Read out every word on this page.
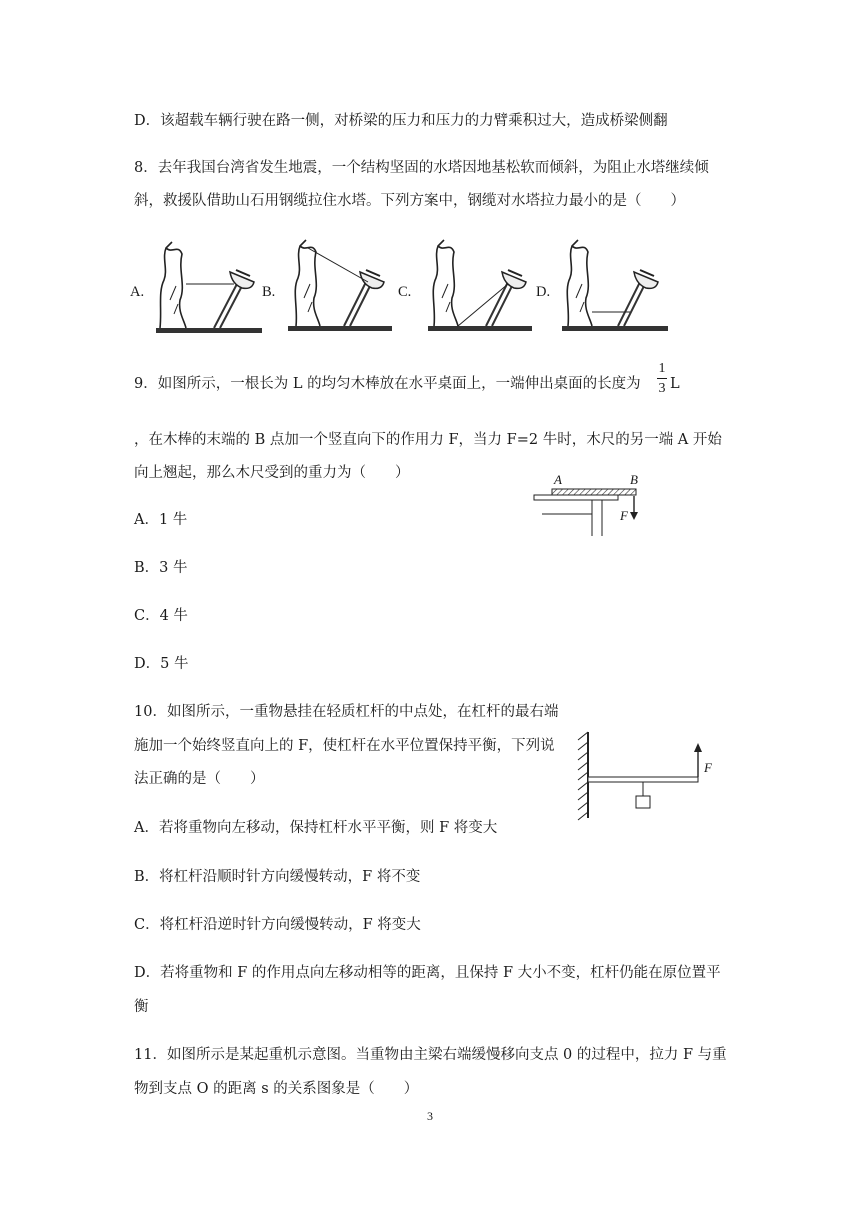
D．该超载车辆行驶在路一侧，对桥梁的压力和压力的力臂乘积过大，造成桥梁侧翻
8．去年我国台湾省发生地震，一个结构坚固的水塔因地基松软而倾斜，为阻止水塔继续倾
斜，救援队借助山石用钢缆拉住水塔。下列方案中，钢缆对水塔拉力最小的是（　　）
A.	B.	C.	D.
9．如图所示，一根长为 L 的均匀木棒放在水平桌面上，一端伸出桌面的长度为
1
3 L
，在木棒的末端的 B 点加一个竖直向下的作用力 F，当力 F=2 牛时，木尺的另一端 A 开始
向上翘起，那么木尺受到的重力为（　　）	A	B
F
A．1 牛
B．3 牛
C．4 牛
D．5 牛
10．如图所示，一重物悬挂在轻质杠杆的中点处，在杠杆的最右端
施加一个始终竖直向上的 F，使杠杆在水平位置保持平衡，下列说
法正确的是（　　）
F
A．若将重物向左移动，保持杠杆水平平衡，则 F 将变大
B．将杠杆沿顺时针方向缓慢转动，F 将不变
C．将杠杆沿逆时针方向缓慢转动，F 将变大
D．若将重物和 F 的作用点向左移动相等的距离，且保持 F 大小不变，杠杆仍能在原位置平
衡
11．如图所示是某起重机示意图。当重物由主梁右端缓慢移向支点 0 的过程中，拉力 F 与重
物到支点 O 的距离 s 的关系图象是（　　）
3
